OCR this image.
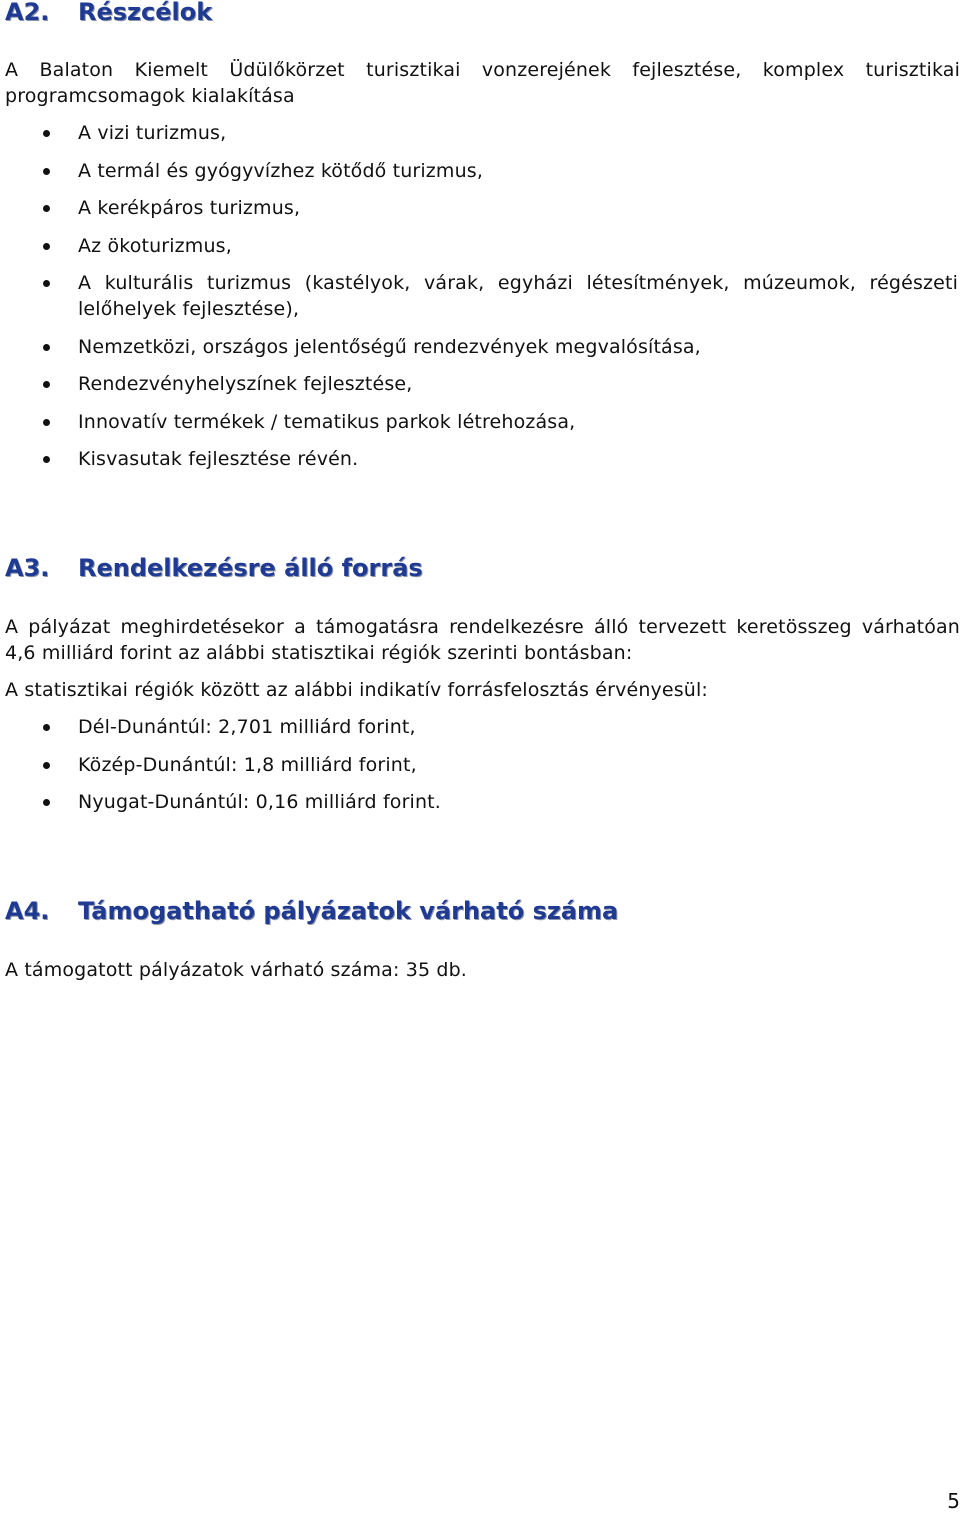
A2. Részcélok

A Balaton Kiemelt Üdülőkörzet turisztikai vonzerejének fejlesztése, komplex turisztikai programcsomagok kialakítása

A vizi turizmus,
A termál és gyógyvízhez kötődő turizmus,
A kerékpáros turizmus,
Az ökoturizmus,
A kulturális turizmus (kastélyok, várak, egyházi létesítmények, múzeumok, régészeti lelőhelyek fejlesztése),
Nemzetközi, országos jelentőségű rendezvények megvalósítása,
Rendezvényhelyszínek fejlesztése,
Innovatív termékek / tematikus parkok létrehozása,
Kisvasutak fejlesztése révén.
A3. Rendelkezésre álló forrás

A pályázat meghirdetésekor a támogatásra rendelkezésre álló tervezett keretösszeg várhatóan 4,6 milliárd forint az alábbi statisztikai régiók szerinti bontásban:

A statisztikai régiók között az alábbi indikatív forrásfelosztás érvényesül:

Dél-Dunántúl: 2,701 milliárd forint,
Közép-Dunántúl: 1,8 milliárd forint,
Nyugat-Dunántúl: 0,16 milliárd forint.
A4. Támogatható pályázatok várható száma

A támogatott pályázatok várható száma: 35 db.

5
